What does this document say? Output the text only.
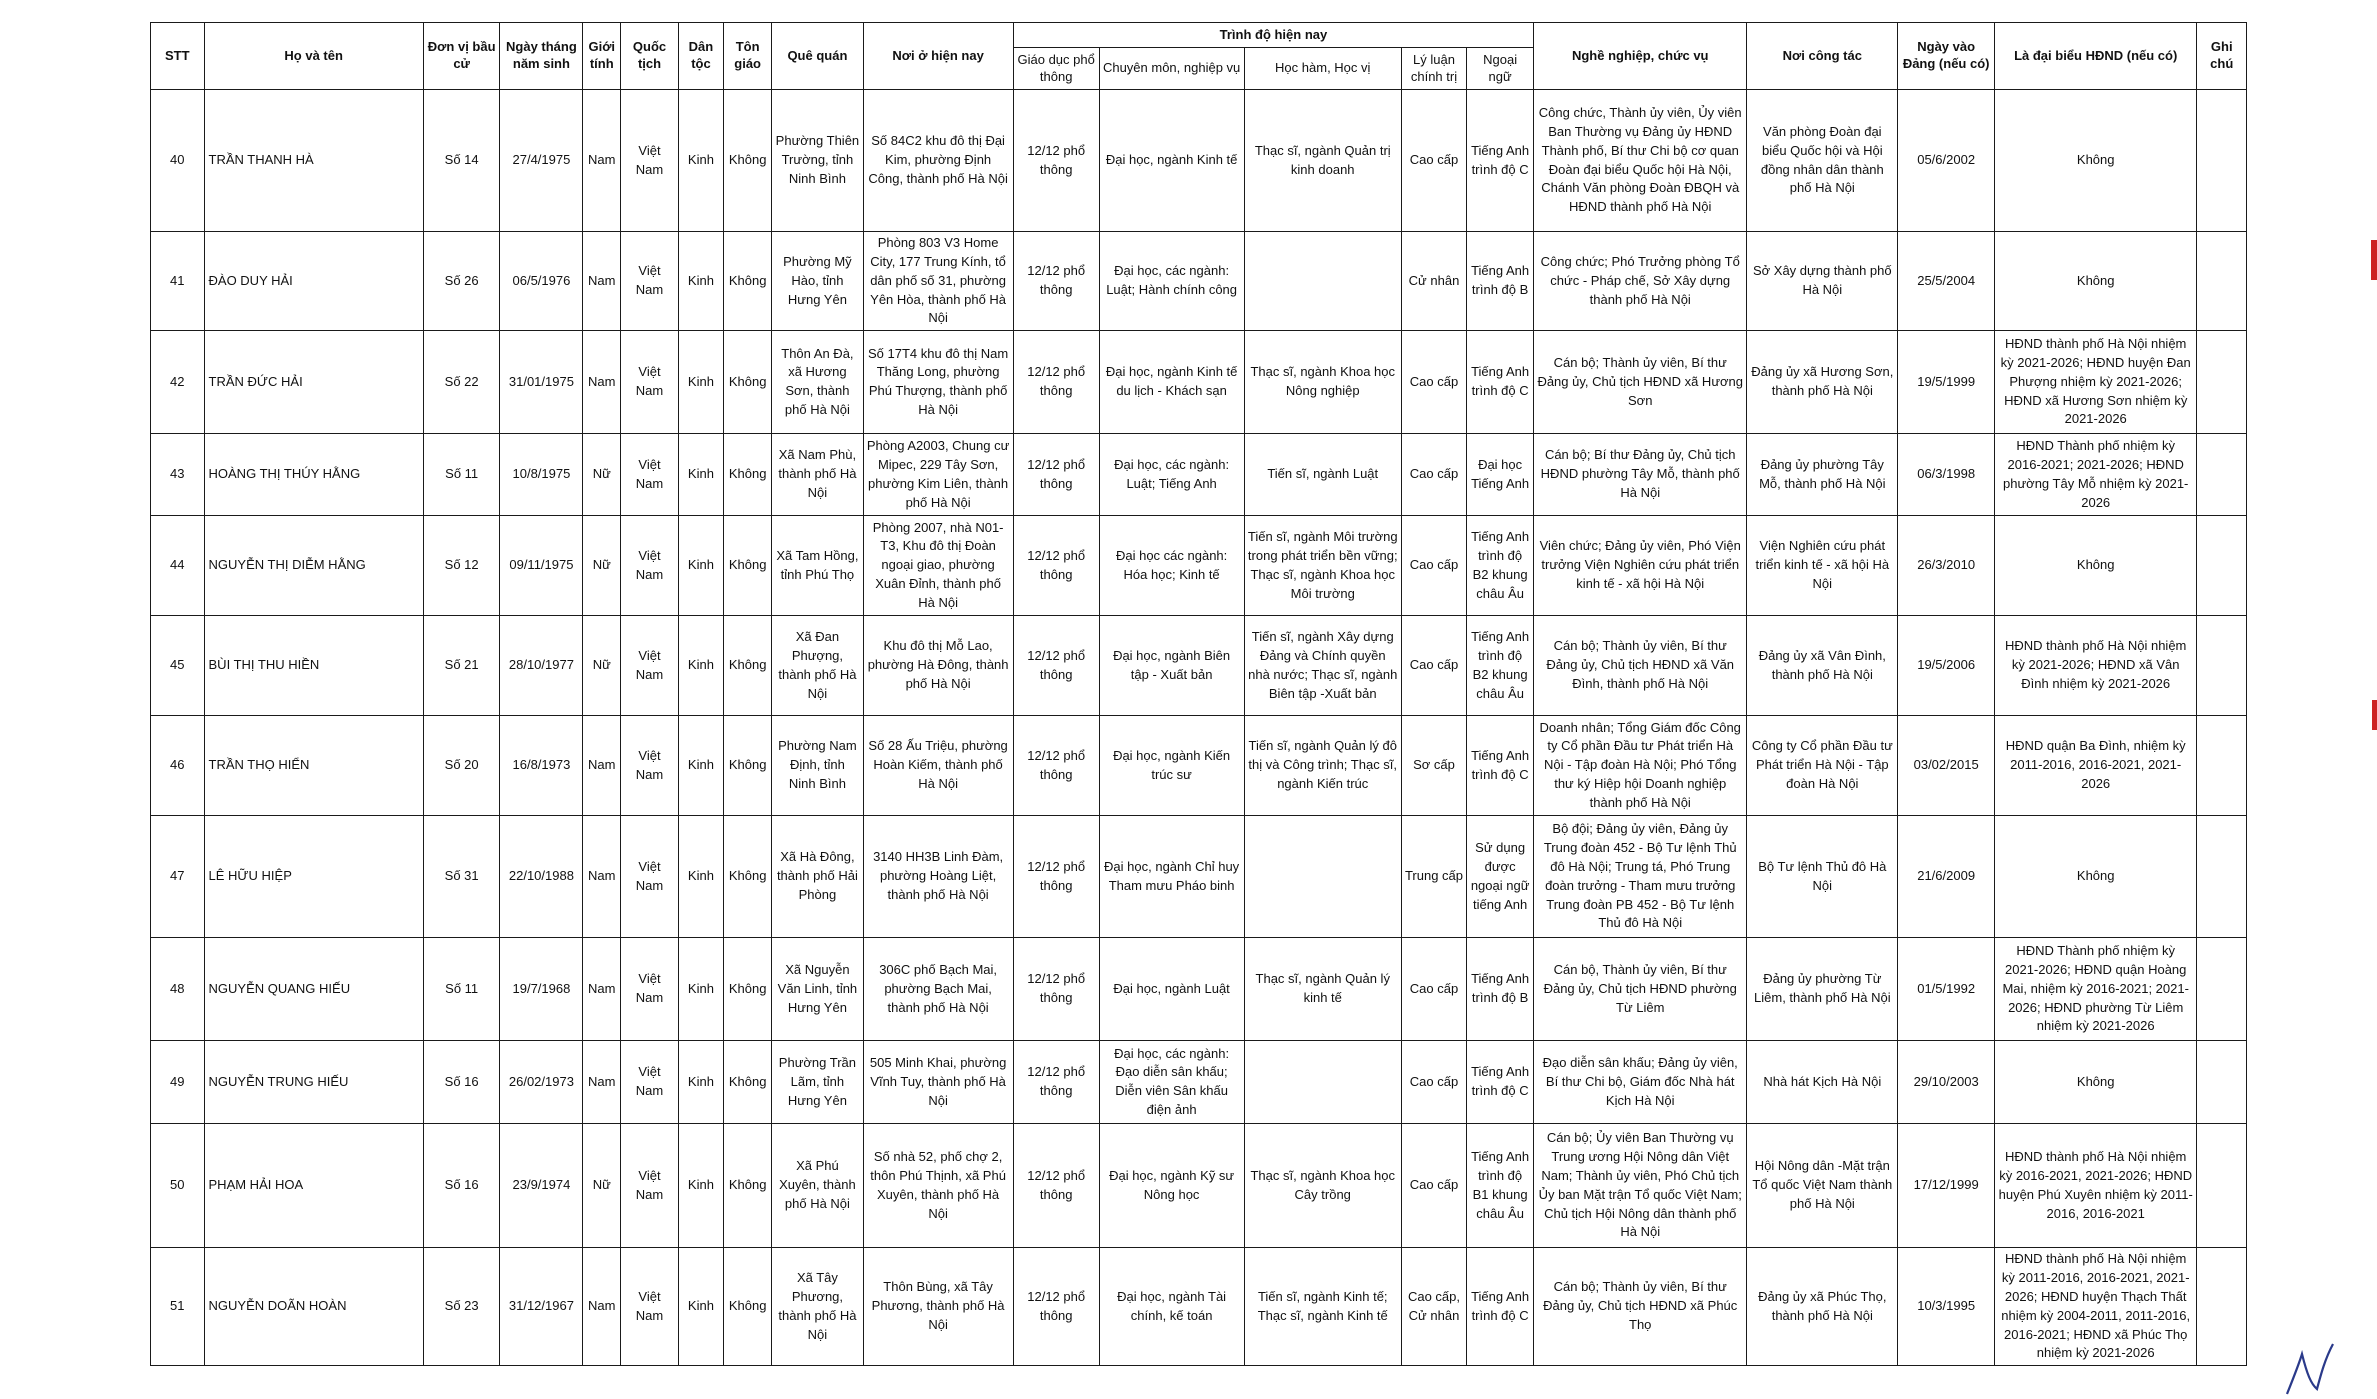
STT	Họ và tên	Đơn vị bầu cử	Ngày tháng năm sinh	Giới tính	Quốc tịch	Dân tộc	Tôn giáo	Quê quán	Nơi ở hiện nay	Trình độ hiện nay					Nghề nghiệp, chức vụ	Nơi công tác	Ngày vào Đảng (nếu có)	Là đại biểu HĐND (nếu có)	Ghi chú
										Giáo dục phổ thông	Chuyên môn, nghiệp vụ	Học hàm, Học vị	Lý luận chính trị	Ngoại ngữ					
40	TRẦN THANH HÀ	Số 14	27/4/1975	Nam	Việt Nam	Kinh	Không	Phường Thiên Trường, tỉnh Ninh Bình	Số 84C2 khu đô thị Đại Kim, phường Định Công, thành phố Hà Nội	12/12 phổ thông	Đại học, ngành Kinh tế	Thạc sĩ, ngành Quản trị kinh doanh	Cao cấp	Tiếng Anh trình độ C	Công chức, Thành ủy viên, Ủy viên Ban Thường vụ Đảng ủy HĐND Thành phố, Bí thư Chi bộ cơ quan Đoàn đại biểu Quốc hội Hà Nội, Chánh Văn phòng Đoàn ĐBQH và HĐND thành phố Hà Nội	Văn phòng Đoàn đại biểu Quốc hội và Hội đồng nhân dân thành phố Hà Nội	05/6/2002	Không	
41	ĐÀO DUY HẢI	Số 26	06/5/1976	Nam	Việt Nam	Kinh	Không	Phường Mỹ Hào, tỉnh Hưng Yên	Phòng 803 V3 Home City, 177 Trung Kính, tổ dân phố số 31, phường Yên Hòa, thành phố Hà Nội	12/12 phổ thông	Đại học, các ngành: Luật; Hành chính công		Cử nhân	Tiếng Anh trình độ B	Công chức; Phó Trưởng phòng Tổ chức - Pháp chế, Sở Xây dựng thành phố Hà Nội	Sở Xây dựng thành phố Hà Nội	25/5/2004	Không	
42	TRẦN ĐỨC HẢI	Số 22	31/01/1975	Nam	Việt Nam	Kinh	Không	Thôn An Đà, xã Hương Sơn, thành phố Hà Nội	Số 17T4 khu đô thị Nam Thăng Long, phường Phú Thượng, thành phố Hà Nội	12/12 phổ thông	Đại học, ngành Kinh tế du lịch - Khách sạn	Thạc sĩ, ngành Khoa học Nông nghiệp	Cao cấp	Tiếng Anh trình độ C	Cán bộ; Thành ủy viên, Bí thư Đảng ủy, Chủ tịch HĐND xã Hương Sơn	Đảng ủy xã Hương Sơn, thành phố Hà Nội	19/5/1999	HĐND thành phố Hà Nội nhiệm kỳ 2021-2026; HĐND huyện Đan Phượng nhiệm kỳ 2021-2026; HĐND xã Hương Sơn nhiệm kỳ 2021-2026	
43	HOÀNG THỊ THÚY HẰNG	Số 11	10/8/1975	Nữ	Việt Nam	Kinh	Không	Xã Nam Phù, thành phố Hà Nội	Phòng A2003, Chung cư Mipec, 229 Tây Sơn, phường Kim Liên, thành phố Hà Nội	12/12 phổ thông	Đại học, các ngành: Luật; Tiếng Anh	Tiến sĩ, ngành Luật	Cao cấp	Đại học Tiếng Anh	Cán bộ; Bí thư Đảng ủy, Chủ tịch HĐND phường Tây Mỗ, thành phố Hà Nội	Đảng ủy phường Tây Mỗ, thành phố Hà Nội	06/3/1998	HĐND Thành phố nhiệm kỳ 2016-2021; 2021-2026; HĐND phường Tây Mỗ nhiệm kỳ 2021-2026	
44	NGUYỄN THỊ DIỄM HẰNG	Số 12	09/11/1975	Nữ	Việt Nam	Kinh	Không	Xã Tam Hồng, tỉnh Phú Thọ	Phòng 2007, nhà N01-T3, Khu đô thị Đoàn ngoại giao, phường Xuân Đỉnh, thành phố Hà Nội	12/12 phổ thông	Đại học các ngành: Hóa học; Kinh tế	Tiến sĩ, ngành Môi trường trong phát triển bền vững; Thạc sĩ, ngành Khoa học Môi trường	Cao cấp	Tiếng Anh trình độ B2 khung châu Âu	Viên chức; Đảng ủy viên, Phó Viện trưởng Viện Nghiên cứu phát triển kinh tế - xã hội Hà Nội	Viện Nghiên cứu phát triển kinh tế - xã hội Hà Nội	26/3/2010	Không	
45	BÙI THỊ THU HIỀN	Số 21	28/10/1977	Nữ	Việt Nam	Kinh	Không	Xã Đan Phượng, thành phố Hà Nội	Khu đô thị Mỗ Lao, phường Hà Đông, thành phố Hà Nội	12/12 phổ thông	Đại học, ngành Biên tập - Xuất bản	Tiến sĩ, ngành Xây dựng Đảng và Chính quyền nhà nước; Thạc sĩ, ngành Biên tập -Xuất bản	Cao cấp	Tiếng Anh trình độ B2 khung châu Âu	Cán bộ; Thành ủy viên, Bí thư Đảng ủy, Chủ tịch HĐND xã Văn Đình, thành phố Hà Nội	Đảng ủy xã Vân Đình, thành phố Hà Nội	19/5/2006	HĐND thành phố Hà Nội nhiệm kỳ 2021-2026; HĐND xã Vân Đình nhiệm kỳ 2021-2026	
46	TRẦN THỌ HIỂN	Số 20	16/8/1973	Nam	Việt Nam	Kinh	Không	Phường Nam Định, tỉnh Ninh Bình	Số 28 Ấu Triệu, phường Hoàn Kiếm, thành phố Hà Nội	12/12 phổ thông	Đại học, ngành Kiến trúc sư	Tiến sĩ, ngành Quản lý đô thị và Công trình; Thạc sĩ, ngành Kiến trúc	Sơ cấp	Tiếng Anh trình độ C	Doanh nhân; Tổng Giám đốc Công ty Cổ phần Đầu tư Phát triển Hà Nội - Tập đoàn Hà Nội; Phó Tổng thư ký Hiệp hội Doanh nghiệp thành phố Hà Nội	Công ty Cổ phần Đầu tư Phát triển Hà Nội - Tập đoàn Hà Nội	03/02/2015	HĐND quận Ba Đình, nhiệm kỳ 2011-2016, 2016-2021, 2021-2026	
47	LÊ HỮU HIỆP	Số 31	22/10/1988	Nam	Việt Nam	Kinh	Không	Xã Hà Đông, thành phố Hải Phòng	3140 HH3B Linh Đàm, phường Hoàng Liệt, thành phố Hà Nội	12/12 phổ thông	Đại học, ngành Chỉ huy Tham mưu Pháo binh		Trung cấp	Sử dụng được ngoại ngữ tiếng Anh	Bộ đội; Đảng ủy viên, Đảng ủy Trung đoàn 452 - Bộ Tư lệnh Thủ đô Hà Nội; Trung tá, Phó Trung đoàn trưởng - Tham mưu trưởng Trung đoàn PB 452 - Bộ Tư lệnh Thủ đô Hà Nội	Bộ Tư lệnh Thủ đô Hà Nội	21/6/2009	Không	
48	NGUYỄN QUANG HIẾU	Số 11	19/7/1968	Nam	Việt Nam	Kinh	Không	Xã Nguyễn Văn Linh, tỉnh Hưng Yên	306C phố Bạch Mai, phường Bạch Mai, thành phố Hà Nội	12/12 phổ thông	Đại học, ngành Luật	Thạc sĩ, ngành Quản lý kinh tế	Cao cấp	Tiếng Anh trình độ B	Cán bộ, Thành ủy viên, Bí thư Đảng ủy, Chủ tịch HĐND phường Từ Liêm	Đảng ủy phường Từ Liêm, thành phố Hà Nội	01/5/1992	HĐND Thành phố nhiệm kỳ 2021-2026; HĐND quận Hoàng Mai, nhiệm kỳ 2016-2021; 2021-2026; HĐND phường Từ Liêm nhiệm kỳ 2021-2026	
49	NGUYỄN TRUNG HIẾU	Số 16	26/02/1973	Nam	Việt Nam	Kinh	Không	Phường Trần Lãm, tỉnh Hưng Yên	505 Minh Khai, phường Vĩnh Tuy, thành phố Hà Nội	12/12 phổ thông	Đại học, các ngành: Đạo diễn sân khấu; Diễn viên Sân khấu điện ảnh		Cao cấp	Tiếng Anh trình độ C	Đạo diễn sân khấu; Đảng ủy viên, Bí thư Chi bộ, Giám đốc Nhà hát Kịch Hà Nội	Nhà hát Kịch Hà Nội	29/10/2003	Không	
50	PHẠM HẢI HOA	Số 16	23/9/1974	Nữ	Việt Nam	Kinh	Không	Xã Phú Xuyên, thành phố Hà Nội	Số nhà 52, phố chợ 2, thôn Phú Thịnh, xã Phú Xuyên, thành phố Hà Nội	12/12 phổ thông	Đại học, ngành Kỹ sư Nông học	Thạc sĩ, ngành Khoa học Cây trồng	Cao cấp	Tiếng Anh trình độ B1 khung châu Âu	Cán bộ; Ủy viên Ban Thường vụ Trung ương Hội Nông dân Việt Nam; Thành ủy viên, Phó Chủ tịch Ủy ban Mặt trận Tổ quốc Việt Nam; Chủ tịch Hội Nông dân thành phố Hà Nội	Hội Nông dân -Mặt trận Tổ quốc Việt Nam thành phố Hà Nội	17/12/1999	HĐND thành phố Hà Nội nhiệm kỳ 2016-2021, 2021-2026; HĐND huyện Phú Xuyên nhiệm kỳ 2011-2016, 2016-2021	
51	NGUYỄN DOÃN HOÀN	Số 23	31/12/1967	Nam	Việt Nam	Kinh	Không	Xã Tây Phương, thành phố Hà Nội	Thôn Bùng, xã Tây Phương, thành phố Hà Nội	12/12 phổ thông	Đại học, ngành Tài chính, kế toán	Tiến sĩ, ngành Kinh tế; Thạc sĩ, ngành Kinh tế	Cao cấp, Cử nhân	Tiếng Anh trình độ C	Cán bộ; Thành ủy viên, Bí thư Đảng ủy, Chủ tịch HĐND xã Phúc Thọ	Đảng ủy xã Phúc Thọ, thành phố Hà Nội	10/3/1995	HĐND thành phố Hà Nội nhiệm kỳ 2011-2016, 2016-2021, 2021-2026; HĐND huyện Thạch Thất nhiệm kỳ 2004-2011, 2011-2016, 2016-2021; HĐND xã Phúc Thọ nhiệm kỳ 2021-2026	
